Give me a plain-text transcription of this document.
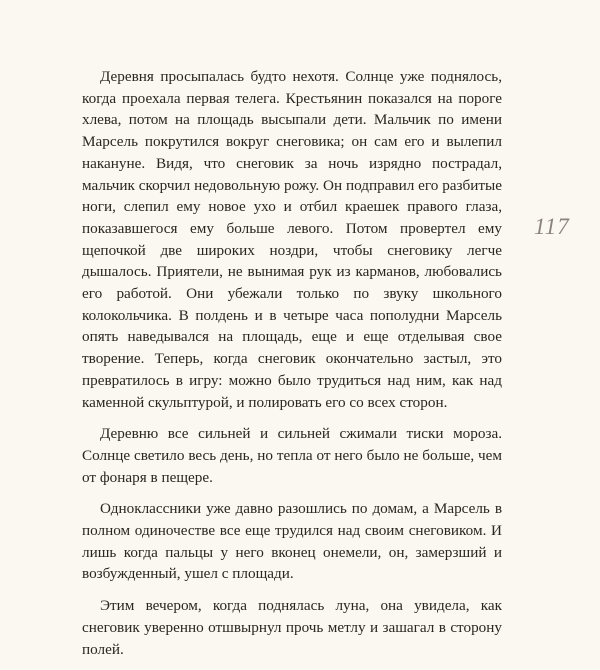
Деревня просыпалась будто нехотя. Солнце уже поднялось, когда проехала первая телега. Крестьянин показался на пороге хлева, потом на площадь высыпали дети. Мальчик по имени Марсель покрутился вокруг снеговика; он сам его и вылепил накануне. Видя, что снеговик за ночь изрядно пострадал, мальчик скорчил недовольную рожу. Он подправил его разбитые ноги, слепил ему новое ухо и отбил краешек правого глаза, показавшегося ему больше левого. Потом провертел ему щепочкой две широких ноздри, чтобы снеговику легче дышалось. Приятели, не вынимая рук из карманов, любовались его работой. Они убежали только по звуку школьного колокольчика. В полдень и в четыре часа пополудни Марсель опять наведывался на площадь, еще и еще отделывая свое творение. Теперь, когда снеговик окончательно застыл, это превратилось в игру: можно было трудиться над ним, как над каменной скульптурой, и полировать его со всех сторон.

Деревню все сильней и сильней сжимали тиски мороза. Солнце светило весь день, но тепла от него было не больше, чем от фонаря в пещере.

Одноклассники уже давно разошлись по домам, а Марсель в полном одиночестве все еще трудился над своим снеговиком. И лишь когда пальцы у него вконец онемели, он, замерзший и возбужденный, ушел с площади.

Этим вечером, когда поднялась луна, она увидела, как снеговик уверенно отшвырнул прочь метлу и зашагал в сторону полей.

117
